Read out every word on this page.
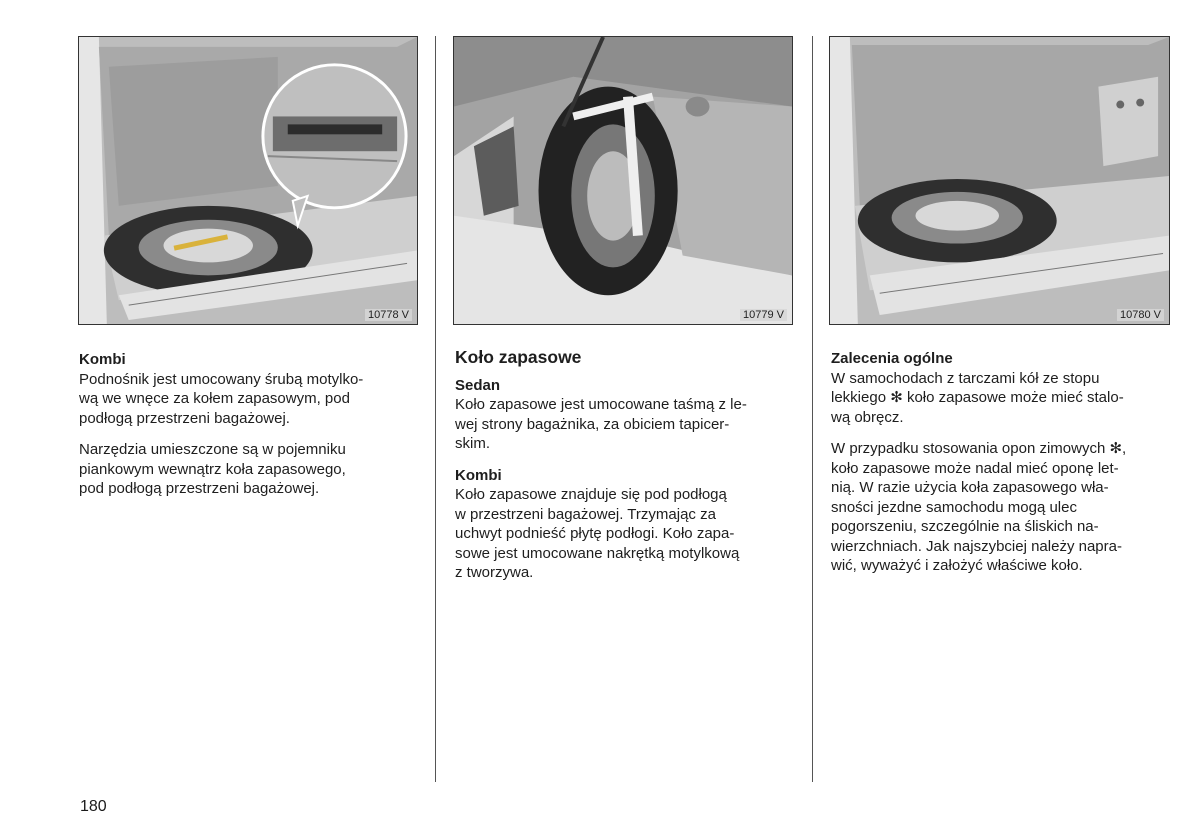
10778 V	10779 V	10780 V
Kombi

Podnośnik jest umocowany śrubą motylko-
wą we wnęce za kołem zapasowym, pod
podłogą przestrzeni bagażowej.

Narzędzia umieszczone są w pojemniku
piankowym wewnątrz koła zapasowego,
pod podłogą przestrzeni bagażowej.

Koło zapasowe
Sedan

Koło zapasowe jest umocowane taśmą z le-
wej strony bagażnika, za obiciem tapicer-
skim.

Kombi

Koło zapasowe znajduje się pod podłogą
w przestrzeni bagażowej. Trzymając za
uchwyt podnieść płytę podłogi. Koło zapa-
sowe jest umocowane nakrętką motylkową
z tworzywa.

Zalecenia ogólne

W samochodach z tarczami kół ze stopu
lekkiego ✻ koło zapasowe może mieć stalo-
wą obręcz.

W przypadku stosowania opon zimowych ✻,
koło zapasowe może nadal mieć oponę let-
nią. W razie użycia koła zapasowego wła-
sności jezdne samochodu mogą ulec
pogorszeniu, szczególnie na śliskich na-
wierzchniach. Jak najszybciej należy napra-
wić, wyważyć i założyć właściwe koło.

180
